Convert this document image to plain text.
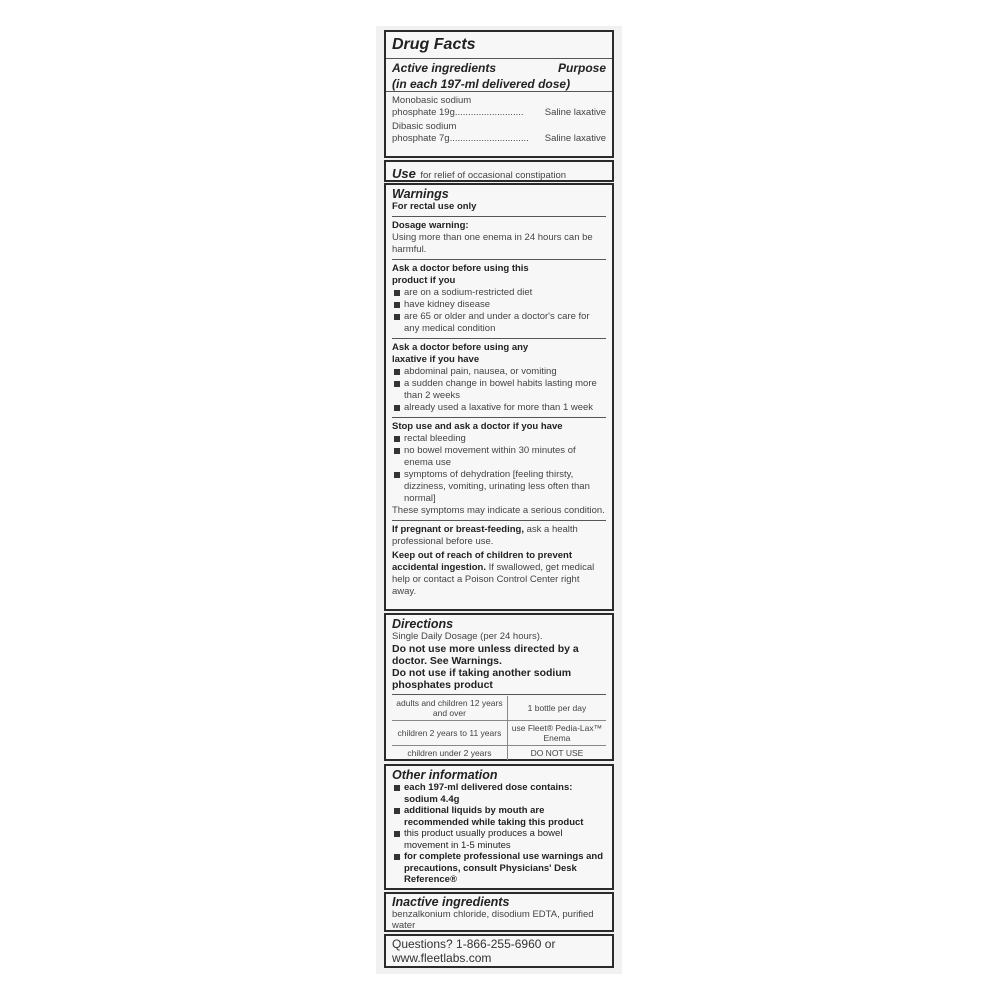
Drug Facts
Active ingredients	Purpose
(in each 197-ml delivered dose)
Monobasic sodium
phosphate 19g ..........................	Saline laxative
Dibasic sodium
phosphate 7g ..............................	Saline laxative
Use for relief of occasional constipation
Warnings
For rectal use only
Dosage warning:
Using more than one enema in 24 hours can be harmful.
Ask a doctor before using this product if you
are on a sodium-restricted diet
have kidney disease
are 65 or older and under a doctor's care for any medical condition
Ask a doctor before using any laxative if you have
abdominal pain, nausea, or vomiting
a sudden change in bowel habits lasting more than 2 weeks
already used a laxative for more than 1 week
Stop use and ask a doctor if you have
rectal bleeding
no bowel movement within 30 minutes of enema use
symptoms of dehydration [feeling thirsty, dizziness, vomiting, urinating less often than normal]
These symptoms may indicate a serious condition.
If pregnant or breast-feeding, ask a health professional before use.
Keep out of reach of children to prevent accidental ingestion. If swallowed, get medical help or contact a Poison Control Center right away.
Directions
Single Daily Dosage (per 24 hours).
Do not use more unless directed by a doctor. See Warnings.
Do not use if taking another sodium phosphates product
adults and children 12 years and over	1 bottle per day
children 2 years to 11 years	use Fleet® Pedia-Lax™ Enema
children under 2 years	DO NOT USE
Other information
each 197-ml delivered dose contains: sodium 4.4g
additional liquids by mouth are recommended while taking this product
this product usually produces a bowel movement in 1-5 minutes
for complete professional use warnings and precautions, consult Physicians' Desk Reference®
Inactive ingredients
benzalkonium chloride, disodium EDTA, purified water
Questions? 1-866-255-6960 or
www.fleetlabs.com
